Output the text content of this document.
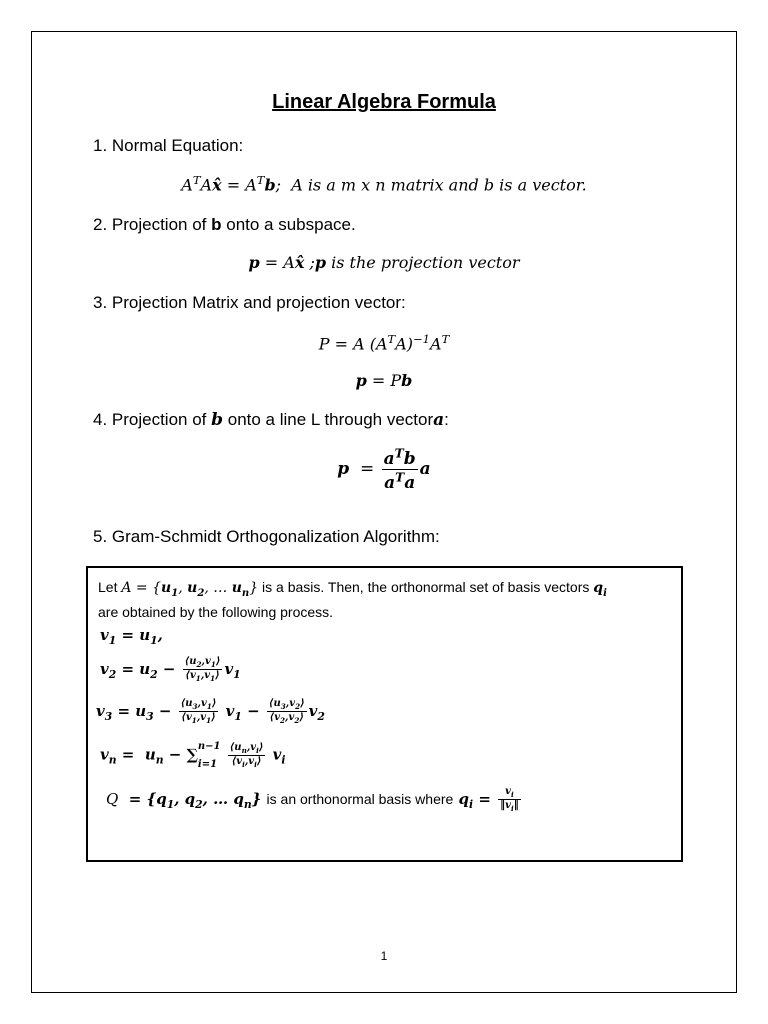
Linear Algebra Formula
1. Normal Equation:
$A^TAx̂ = A^Tb$;  A is a m x n matrix and b is a vector.
2. Projection of b onto a subspace.
p = Ax̂ ;p is the projection vector
3. Projection Matrix and projection vector:
P = A $(A^TA)^{-1}A^T$
p = Pb
4. Projection of b onto a line L through vectora:
$p = \frac{a^Tb}{a^Ta}$ a
5. Gram-Schmidt Orthogonalization Algorithm:
Let $A = \{u_1$, $u_2$, … $u_n$} is a basis. Then, the orthonormal set of basis vectors $q_i$
are obtained by the following process.
$v_1 = u_1$,
$v_2 = u_2 - \frac{⟨u_2,v_1⟩}{⟨v_1,v_1⟩} v_1$
$v_3 = u_3 - \frac{⟨u_3,v_1⟩}{⟨v_1,v_1⟩} v_1 - \frac{⟨u_3,v_2⟩}{⟨v_2,v_2⟩} v_2$
$v_n = u_n - \sum^{n-1}$
$_{i=1} \frac{⟨u_n,v_i⟩}{⟨v_i,v_i⟩} v_i$
$Q = \{q_1$, $q_2$, … $q_n$} is an orthonormal basis where $q_i = \frac{v_i}{‖v_i‖}$
1
